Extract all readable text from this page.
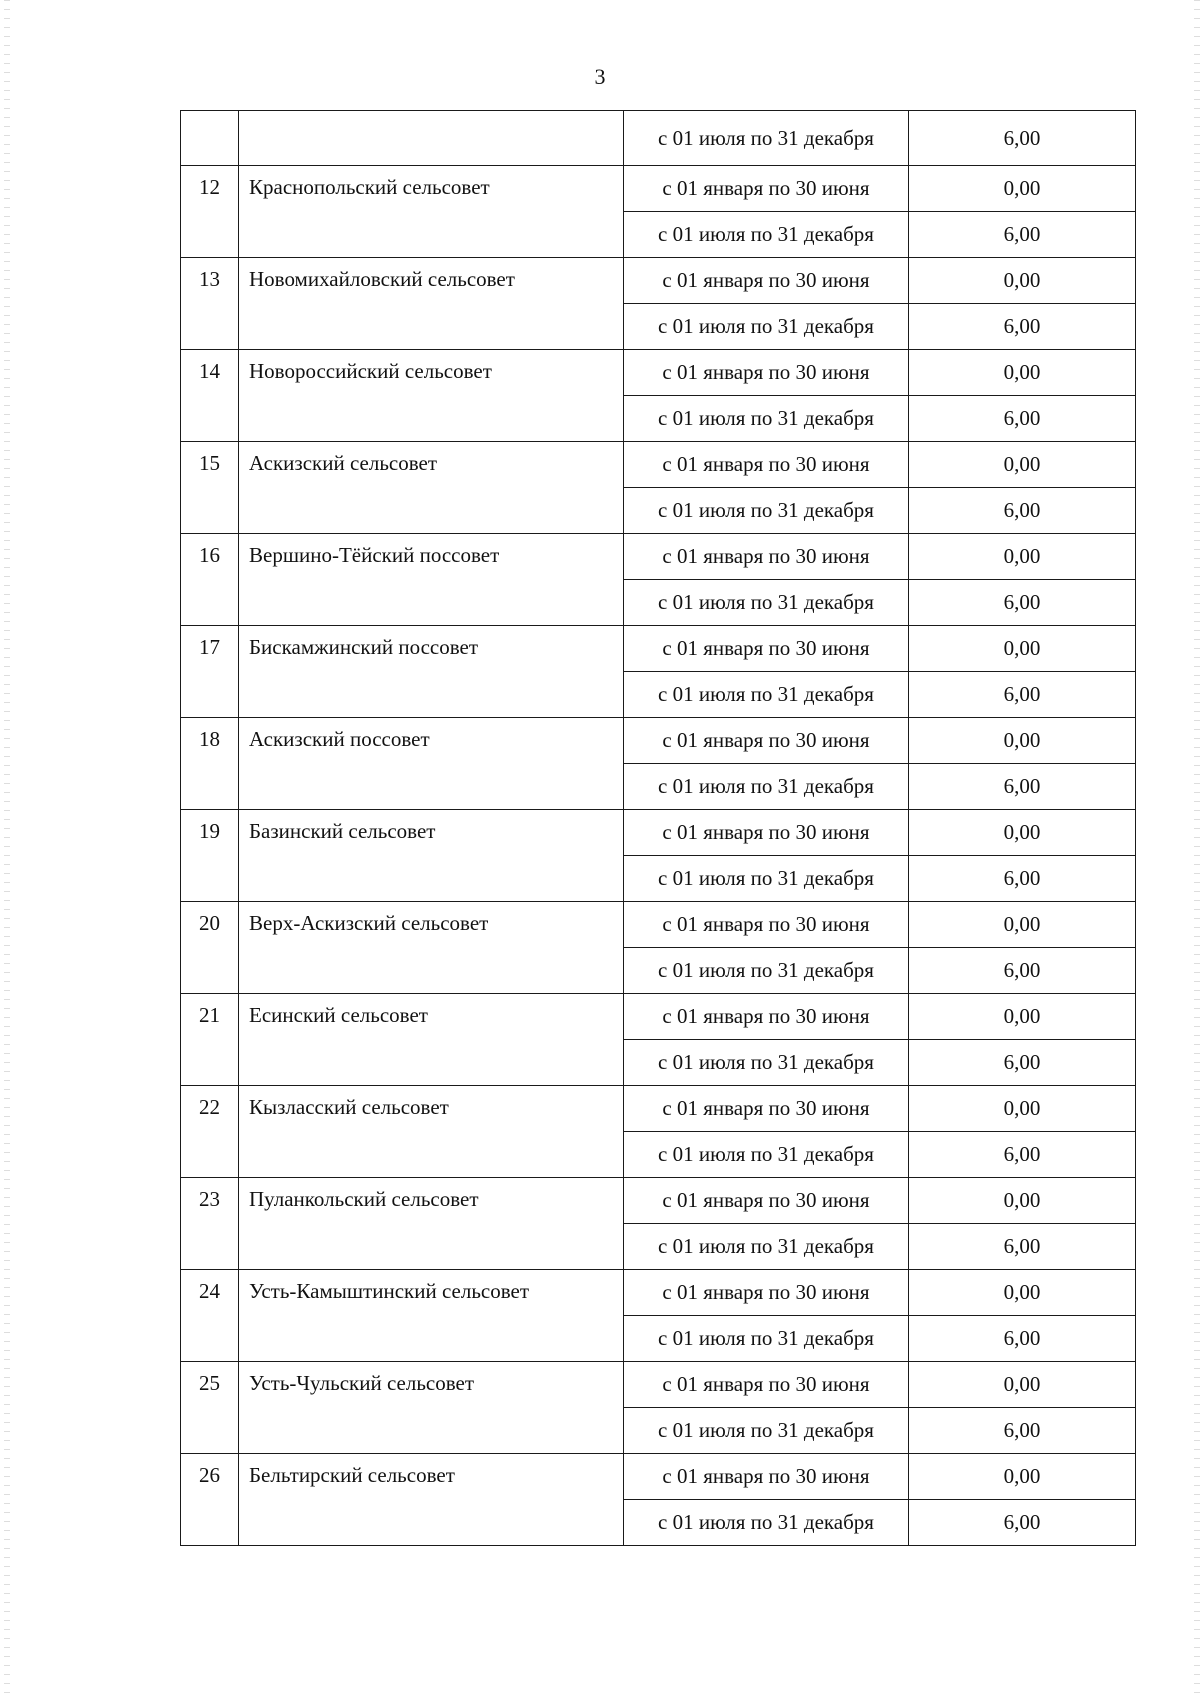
3
		с 01 июля по 31 декабря	6,00
12	Краснопольский сельсовет	с 01 января по 30 июня	0,00
		с 01 июля по 31 декабря	6,00
13	Новомихайловский сельсовет	с 01 января по 30 июня	0,00
		с 01 июля по 31 декабря	6,00
14	Новороссийский сельсовет	с 01 января по 30 июня	0,00
		с 01 июля по 31 декабря	6,00
15	Аскизский сельсовет	с 01 января по 30 июня	0,00
		с 01 июля по 31 декабря	6,00
16	Вершино-Тёйский поссовет	с 01 января по 30 июня	0,00
		с 01 июля по 31 декабря	6,00
17	Бискамжинский поссовет	с 01 января по 30 июня	0,00
		с 01 июля по 31 декабря	6,00
18	Аскизский поссовет	с 01 января по 30 июня	0,00
		с 01 июля по 31 декабря	6,00
19	Базинский сельсовет	с 01 января по 30 июня	0,00
		с 01 июля по 31 декабря	6,00
20	Верх-Аскизский сельсовет	с 01 января по 30 июня	0,00
		с 01 июля по 31 декабря	6,00
21	Есинский сельсовет	с 01 января по 30 июня	0,00
		с 01 июля по 31 декабря	6,00
22	Кызласский сельсовет	с 01 января по 30 июня	0,00
		с 01 июля по 31 декабря	6,00
23	Пуланкольский сельсовет	с 01 января по 30 июня	0,00
		с 01 июля по 31 декабря	6,00
24	Усть-Камыштинский сельсовет	с 01 января по 30 июня	0,00
		с 01 июля по 31 декабря	6,00
25	Усть-Чульский сельсовет	с 01 января по 30 июня	0,00
		с 01 июля по 31 декабря	6,00
26	Бельтирский сельсовет	с 01 января по 30 июня	0,00
		с 01 июля по 31 декабря	6,00
